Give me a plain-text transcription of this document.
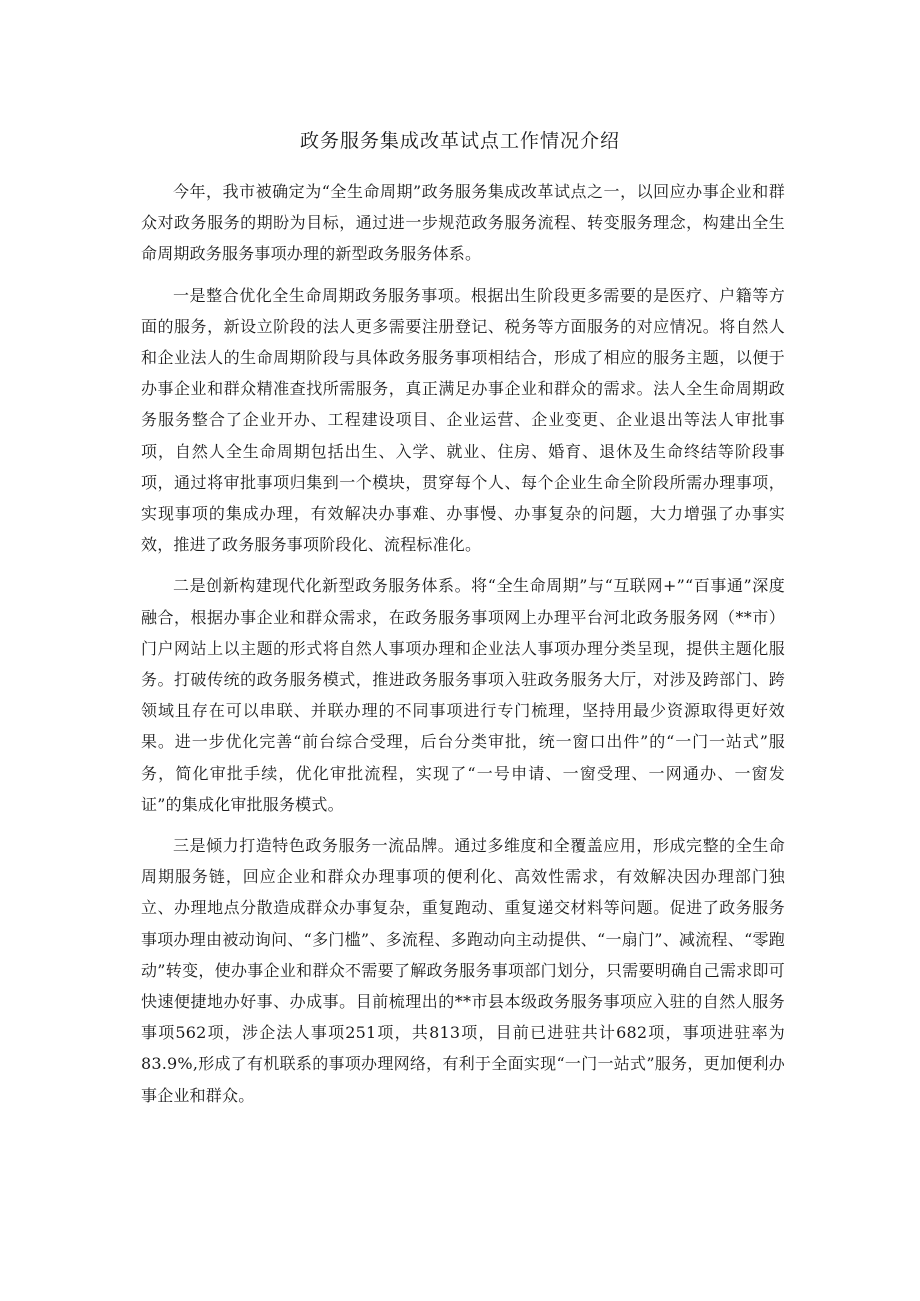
政务服务集成改革试点工作情况介绍

今年，我市被确定为“全生命周期”政务服务集成改革试点之一，以回应办事企业和群众对政务服务的期盼为目标，通过进一步规范政务服务流程、转变服务理念，构建出全生命周期政务服务事项办理的新型政务服务体系。

一是整合优化全生命周期政务服务事项。根据出生阶段更多需要的是医疗、户籍等方面的服务，新设立阶段的法人更多需要注册登记、税务等方面服务的对应情况。将自然人和企业法人的生命周期阶段与具体政务服务事项相结合，形成了相应的服务主题，以便于办事企业和群众精准查找所需服务，真正满足办事企业和群众的需求。法人全生命周期政务服务整合了企业开办、工程建设项目、企业运营、企业变更、企业退出等法人审批事项，自然人全生命周期包括出生、入学、就业、住房、婚育、退休及生命终结等阶段事项，通过将审批事项归集到一个模块，贯穿每个人、每个企业生命全阶段所需办理事项，实现事项的集成办理，有效解决办事难、办事慢、办事复杂的问题，大力增强了办事实效，推进了政务服务事项阶段化、流程标准化。

二是创新构建现代化新型政务服务体系。将“全生命周期”与“互联网+”“百事通”深度融合，根据办事企业和群众需求，在政务服务事项网上办理平台河北政务服务网（**市）门户网站上以主题的形式将自然人事项办理和企业法人事项办理分类呈现，提供主题化服务。打破传统的政务服务模式，推进政务服务事项入驻政务服务大厅，对涉及跨部门、跨领域且存在可以串联、并联办理的不同事项进行专门梳理，坚持用最少资源取得更好效果。进一步优化完善“前台综合受理，后台分类审批，统一窗口出件”的“一门一站式”服务，简化审批手续，优化审批流程，实现了“一号申请、一窗受理、一网通办、一窗发证”的集成化审批服务模式。

三是倾力打造特色政务服务一流品牌。通过多维度和全覆盖应用，形成完整的全生命周期服务链，回应企业和群众办理事项的便利化、高效性需求，有效解决因办理部门独立、办理地点分散造成群众办事复杂，重复跑动、重复递交材料等问题。促进了政务服务事项办理由被动询问、“多门槛”、多流程、多跑动向主动提供、“一扇门”、减流程、“零跑动”转变，使办事企业和群众不需要了解政务服务事项部门划分，只需要明确自己需求即可快速便捷地办好事、办成事。目前梳理出的**市县本级政务服务事项应入驻的自然人服务事项562项，涉企法人事项251项，共813项，目前已进驻共计682项，事项进驻率为83.9%,形成了有机联系的事项办理网络，有利于全面实现“一门一站式”服务，更加便利办事企业和群众。
